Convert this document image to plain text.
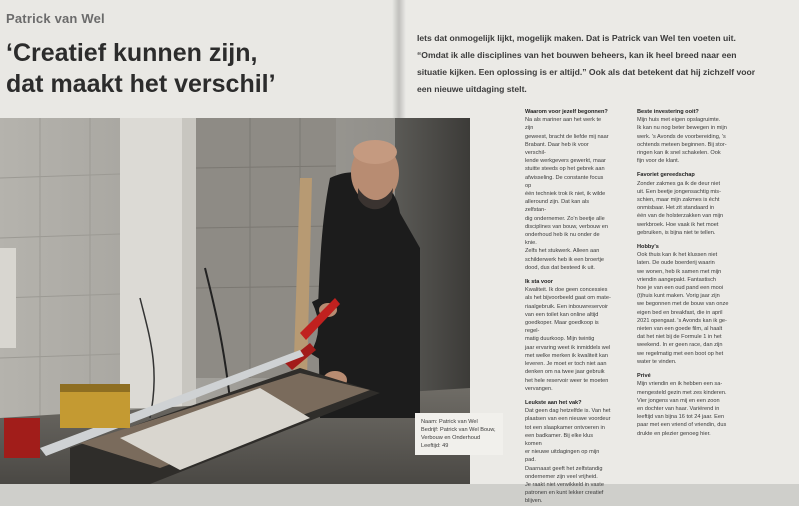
Patrick van Wel
‘Creatief kunnen zijn,
dat maakt het verschil’
Iets dat onmogelijk lijkt, mogelijk maken. Dat is Patrick van Wel ten voeten uit.
“Omdat ik alle disciplines van het bouwen beheers, kan ik heel breed naar een
situatie kijken. Een oplossing is er altijd.” Ook als dat betekent dat hij zichzelf voor
een nieuwe uitdaging stelt.
Naam: Patrick van Wel
Bedrijf: Patrick van Wel Bouw,
Verbouw en Onderhoud
Leeftijd: 49
Waarom voor jezelf begonnen?
Na als mariner aan het werk te zijn
geweest, bracht de liefde mij naar
Brabant. Daar heb ik voor verschil-
lende werkgevers gewerkt, maar
stuitte steeds op het gebrek aan
afwisseling. De constante focus op
één techniek trok ik niet, ik wilde
alleround zijn. Dat kan als zelfstan-
dig ondernemer. Zo'n beetje alle
disciplines van bouw, verbouw en
onderhoud heb ik nu onder de knie.
Zelfs het stukwerk. Alleen aan
schilderwerk heb ik een broertje
dood, dus dat besteed ik uit.
Ik sta voor
Kwaliteit. Ik doe geen concessies
als het bijvoorbeeld gaat om mate-
riaalgebruik. Een inbouwreservoir
van een toilet kan online altijd
goedkoper. Maar goedkoop is regel-
matig duurkoop. Mijn twintig
jaar ervaring weet ik inmiddels wel
met welke merken ik kwaliteit kan
leveren. Je moet er toch niet aan
denken om na twee jaar gebruik
het hele reservoir weer te moeten
vervangen.
Leukste aan het vak?
Dat geen dag hetzelfde is. Van het
plaatsen van een nieuwe voordeur
tot een slaapkamer ontvoeren in
een badkamer. Bij elke klus komen
er nieuwe uitdagingen op mijn pad.
Daarnaast geeft het zelfstandig
ondernemer zijn veel vrijheid.
Je raakt niet verwikkeld in vaste
patronen en kunt lekker creatief
blijven.
Beste investering ooit?
Mijn huis met eigen opslagruimte.
Ik kan nu nog beter bewegen in mijn
werk. 's Avonds de voorbereiding, 's
ochtends meteen beginnen. Bij stor-
ringen kan ik snel schakelen. Ook
fijn voor de klant.
Favoriet gereedschap
Zonder zakmes ga ik de deur niet
uit. Een beetje jongensachtig mis-
schien, maar mijn zakmes is écht
onmisbaar. Het zit standaard in
één van de holsterzakken van mijn
werkbroek. Hoe vaak ik het moet
gebruiken, is bijna niet te tellen.
Hobby's
Ook thuis kan ik het klussen niet
laten. De oude boerderij waarin
we wonen, heb ik samen met mijn
vriendin aangepakt. Fantastisch
hoe je van een oud pand een mooi
(t)huis kunt maken. Vorig jaar zijn
we begonnen met de bouw van onze
eigen bed en breakfast, die in april
2021 opengaat. 's Avonds kan ik ge-
nieten van een goede film, al haalt
dat het niet bij de Formule 1 in het
weekend. In er geen race, dan zijn
we regelmatig met een boot op het
water te vinden.
Privé
Mijn vriendin en ik hebben een sa-
mengesteld gezin met zes kinderen.
Vier jongens van mij en een zoon
en dochter van haar. Variërend in
leeftijd van bijna 16 tot 24 jaar. Een
paar met een vriend of vriendin, dus
drukte en plezier genoeg hier.
